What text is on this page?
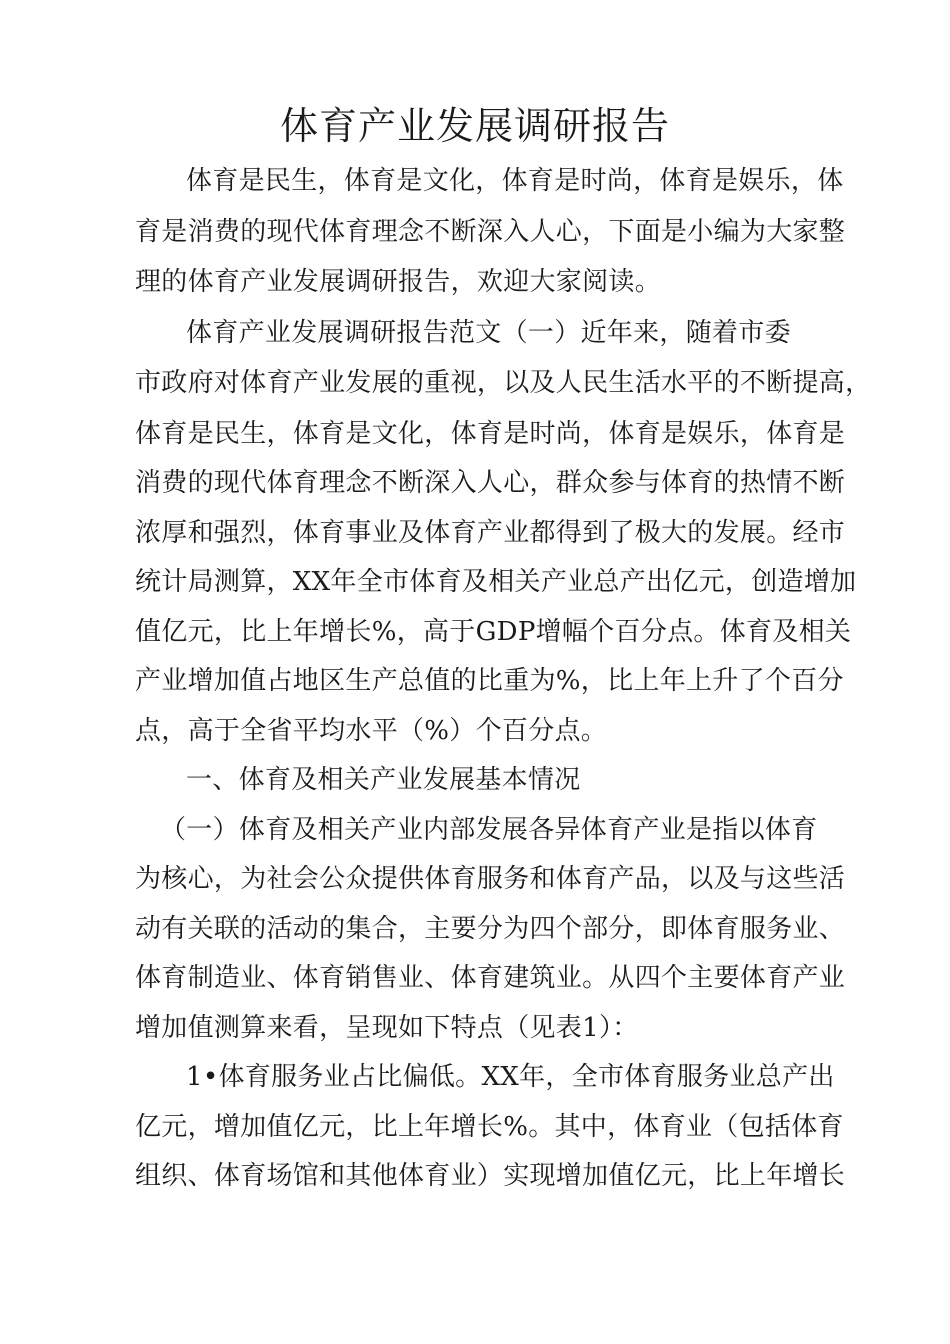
体育产业发展调研报告
体育是民生，体育是文化，体育是时尚，体育是娱乐，体
育是消费的现代体育理念不断深入人心，下面是小编为大家整
理的体育产业发展调研报告，欢迎大家阅读。
体育产业发展调研报告范文（一）近年来，随着市委
市政府对体育产业发展的重视，以及人民生活水平的不断提高，
体育是民生，体育是文化，体育是时尚，体育是娱乐，体育是
消费的现代体育理念不断深入人心，群众参与体育的热情不断
浓厚和强烈，体育事业及体育产业都得到了极大的发展。经市
统计局测算，XX年全市体育及相关产业总产出亿元，创造增加
值亿元，比上年增长%，高于GDP增幅个百分点。体育及相关
产业增加值占地区生产总值的比重为%，比上年上升了个百分
点，高于全省平均水平（%）个百分点。
一、体育及相关产业发展基本情况
（一）体育及相关产业内部发展各异体育产业是指以体育
为核心，为社会公众提供体育服务和体育产品，以及与这些活
动有关联的活动的集合，主要分为四个部分，即体育服务业、
体育制造业、体育销售业、体育建筑业。从四个主要体育产业
增加值测算来看，呈现如下特点（见表1）：
1•体育服务业占比偏低。XX年，全市体育服务业总产出
亿元，增加值亿元，比上年增长%。其中，体育业（包括体育
组织、体育场馆和其他体育业）实现增加值亿元，比上年增长
